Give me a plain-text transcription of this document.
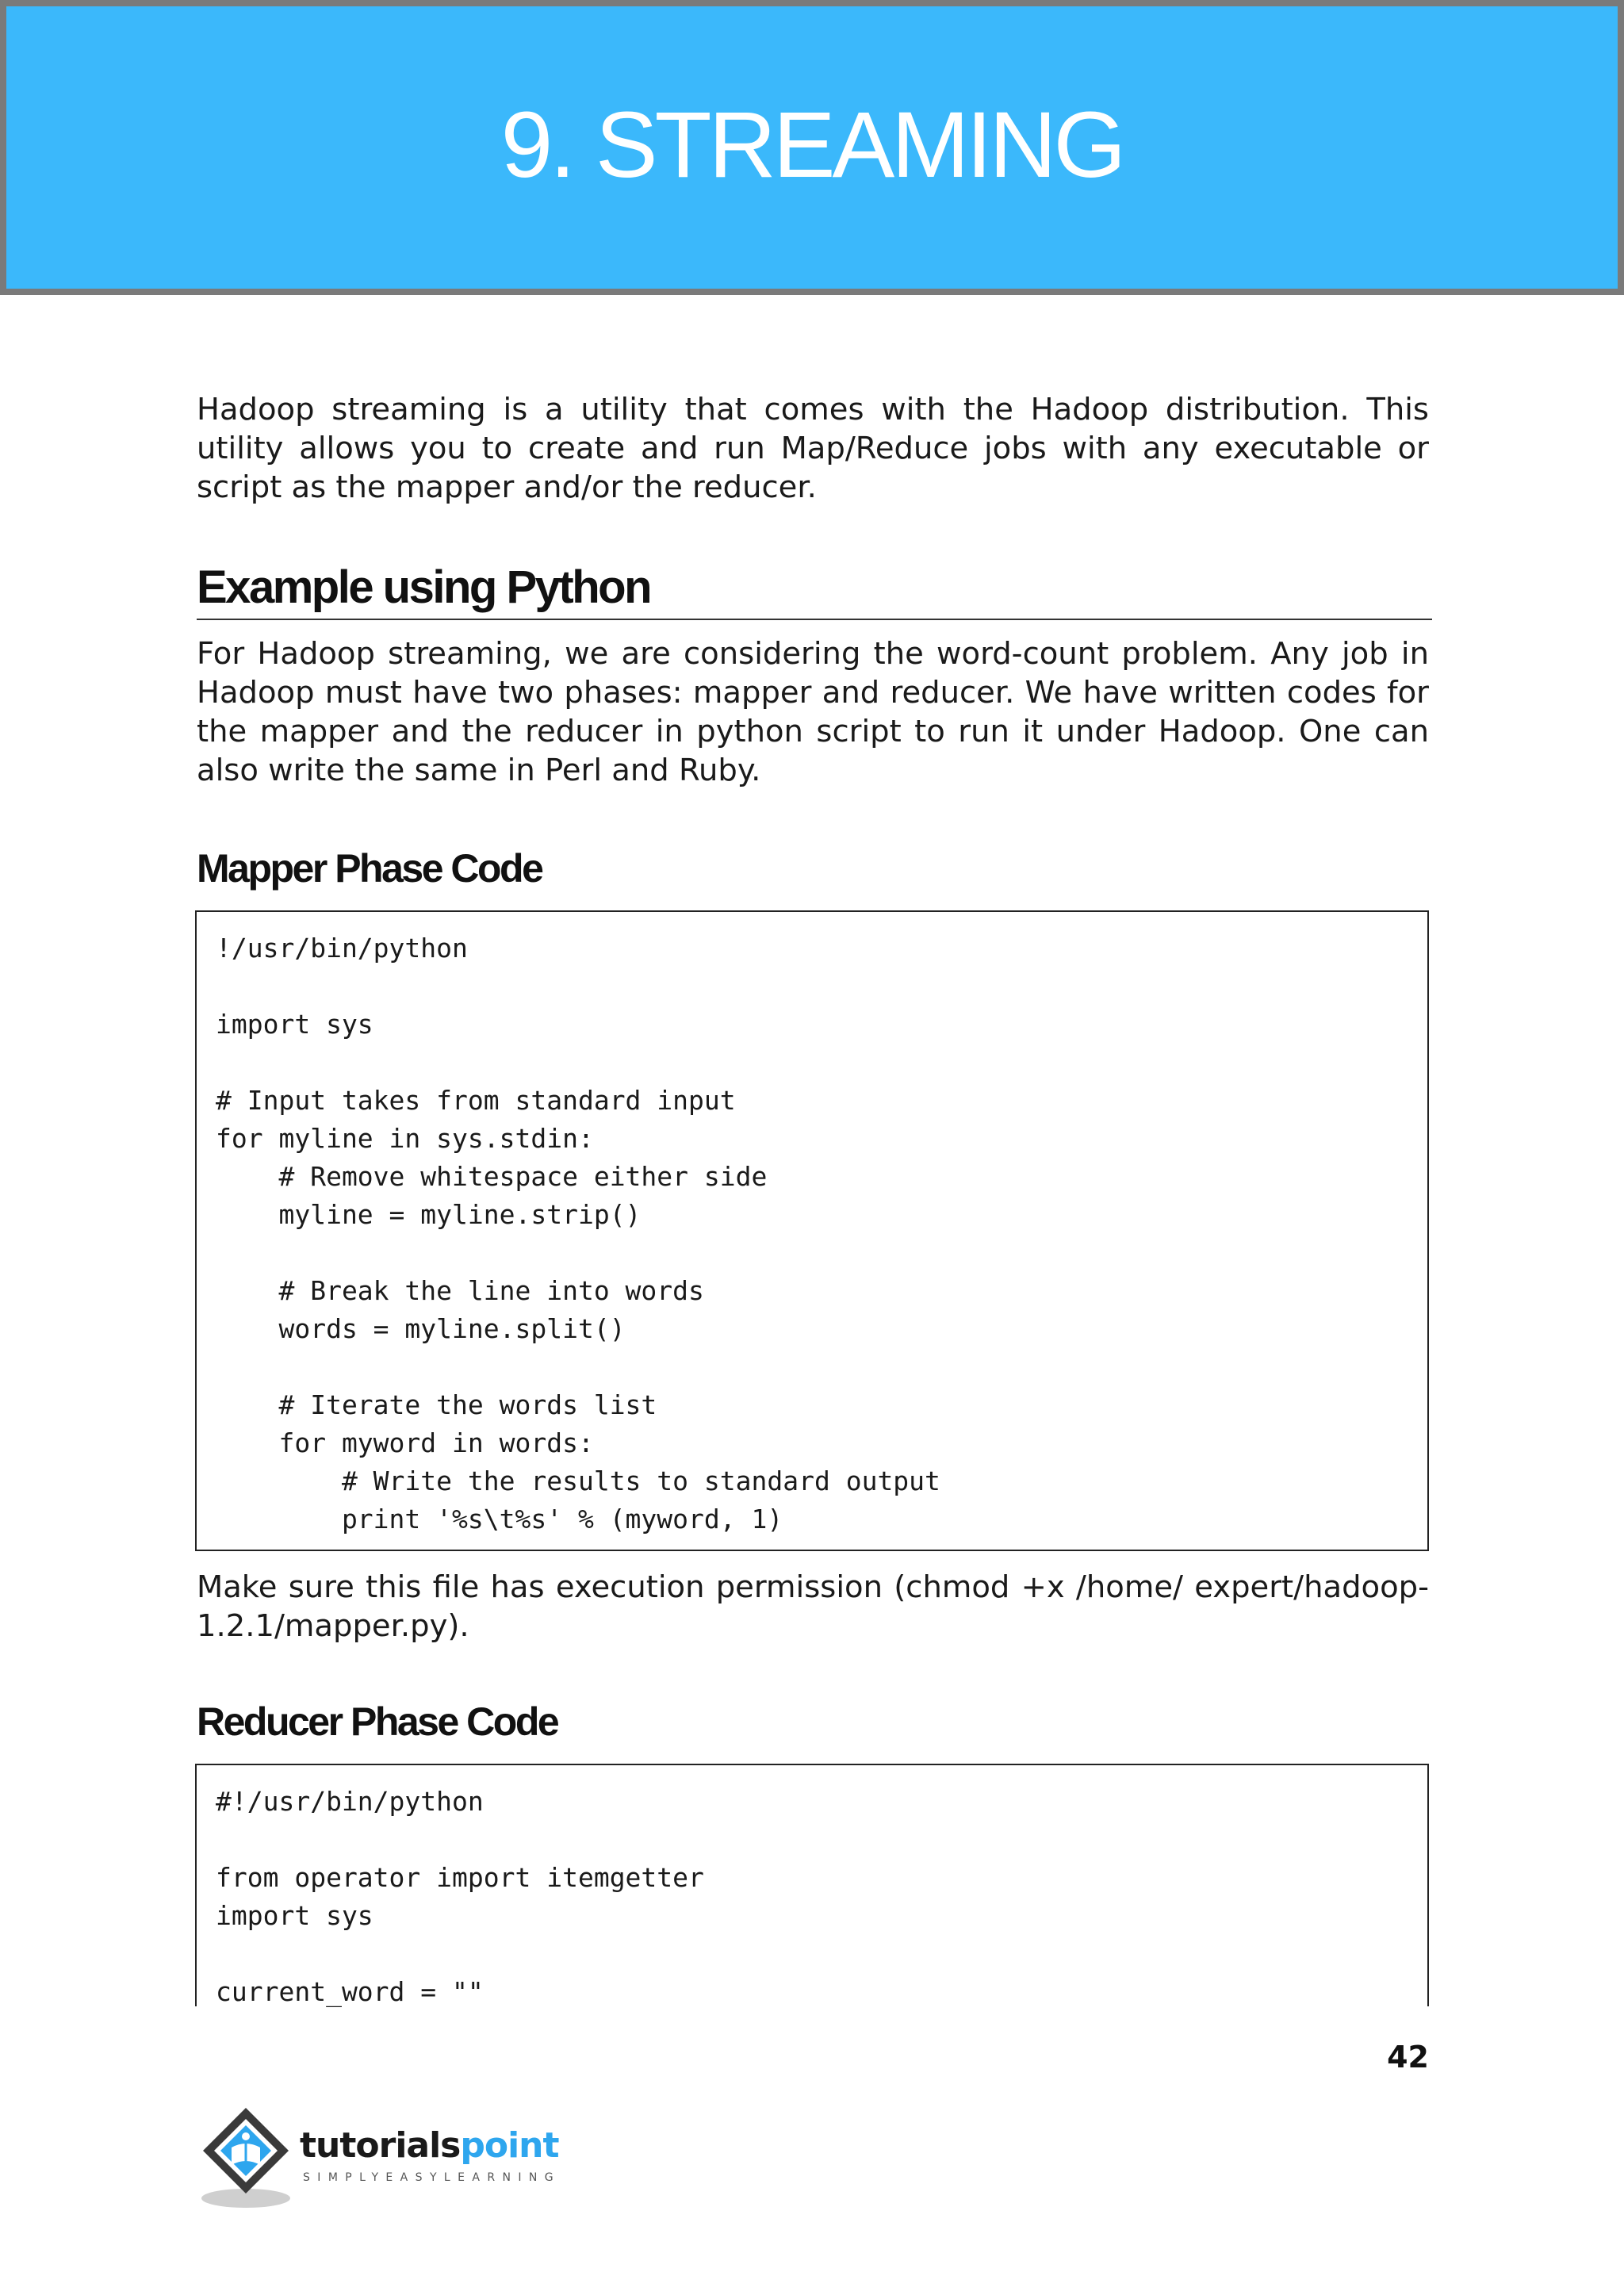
9. STREAMING

Hadoop streaming is a utility that comes with the Hadoop distribution. This utility allows you to create and run Map/Reduce jobs with any executable or script as the mapper and/or the reducer.

Example using Python

For Hadoop streaming, we are considering the word-count problem. Any job in Hadoop must have two phases: mapper and reducer. We have written codes for the mapper and the reducer in python script to run it under Hadoop. One can also write the same in Perl and Ruby.

Mapper Phase Code
!/usr/bin/python
import sys
# Input takes from standard input
for myline in sys.stdin:
# Remove whitespace either side
myline = myline.strip()
# Break the line into words
words = myline.split()
# Iterate the words list
for myword in words:
# Write the results to standard output
print '%s\t%s' % (myword, 1)

Make sure this file has execution permission (chmod +x /home/ expert/hadoop-1.2.1/mapper.py).

Reducer Phase Code
#!/usr/bin/python
from operator import itemgetter
import sys
current_word = ""
42
tutorialspoint
SIMPLYEASYLEARNING
